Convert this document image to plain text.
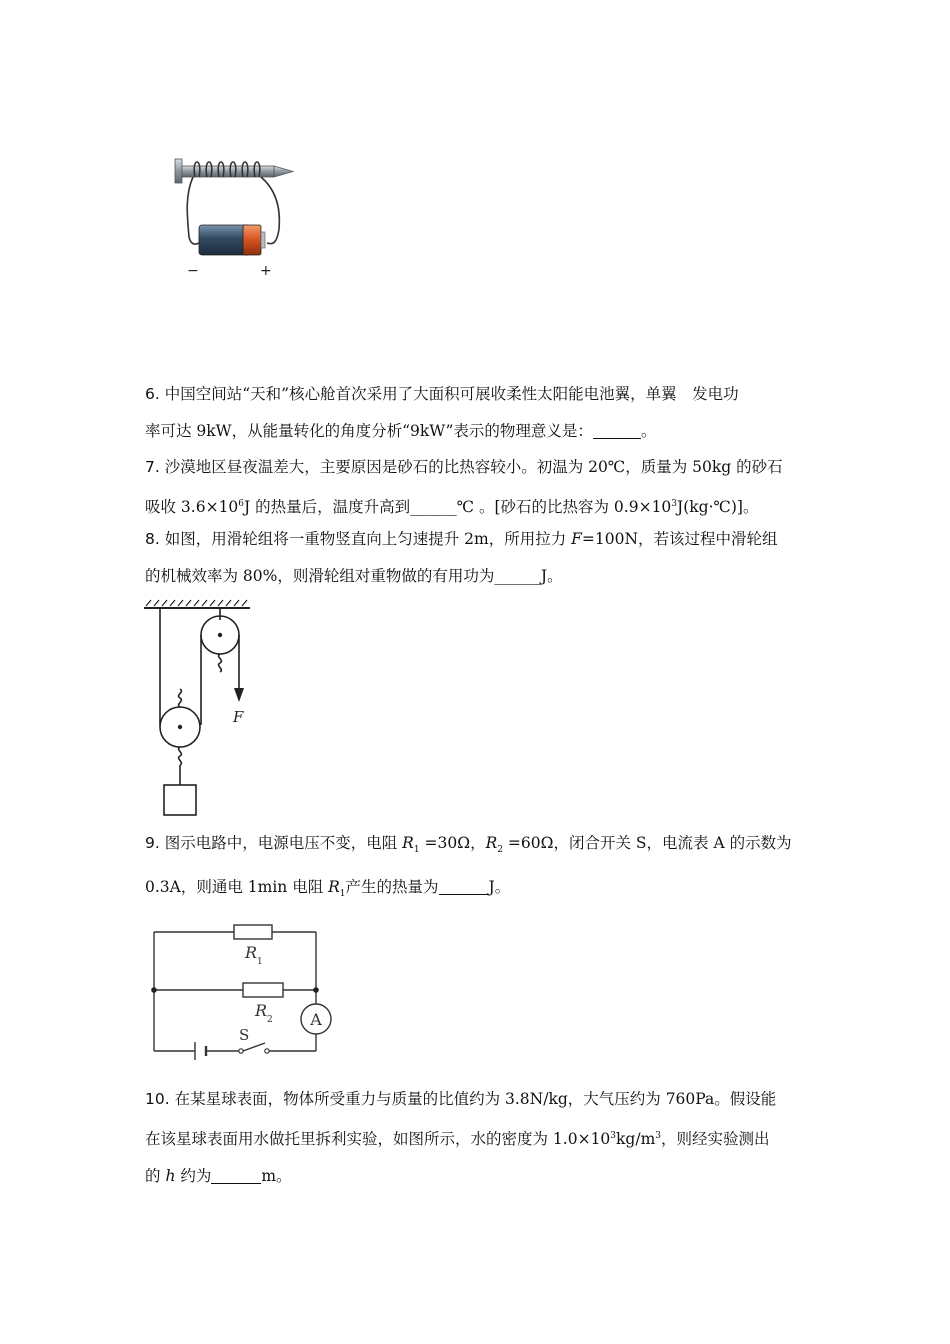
−	+
6. 中国空间站“天和”核心舱首次采用了大面积可展收柔性太阳能电池翼，单翼　发电功
率可达 9kW，从能量转化的角度分析“9kW”表示的物理意义是：	。
7. 沙漠地区昼夜温差大，主要原因是砂石的比热容较小。初温为 20℃，质量为 50kg 的砂石
吸收 $3.6\times 10^6J$ 的热量后，温度升高到______℃ 。[砂石的比热容为 $0.9\times 10^3J(kg\cdot℃)$]。
8. 如图，用滑轮组将一重物竖直向上匀速提升 2m，所用拉力 F=100N，若该过程中滑轮组
的机械效率为 80%，则滑轮组对重物做的有用功为______J。
F
9. 图示电路中，电源电压不变，电阻 $R_1 =30\Omega$，$R_2 =60\Omega$，闭合开关 S，电流表 A 的示数为
0.3A，则通电 1min 电阻 $R_1$产生的热量为	J。
R1
R2
S
A
10. 在某星球表面，物体所受重力与质量的比值约为 3.8N/kg，大气压约为 760Pa。假设能
在该星球表面用水做托里拆利实验，如图所示，水的密度为 $1.0\times 10^3kg/m^3$，则经实验测出
的 h 约为	m。
